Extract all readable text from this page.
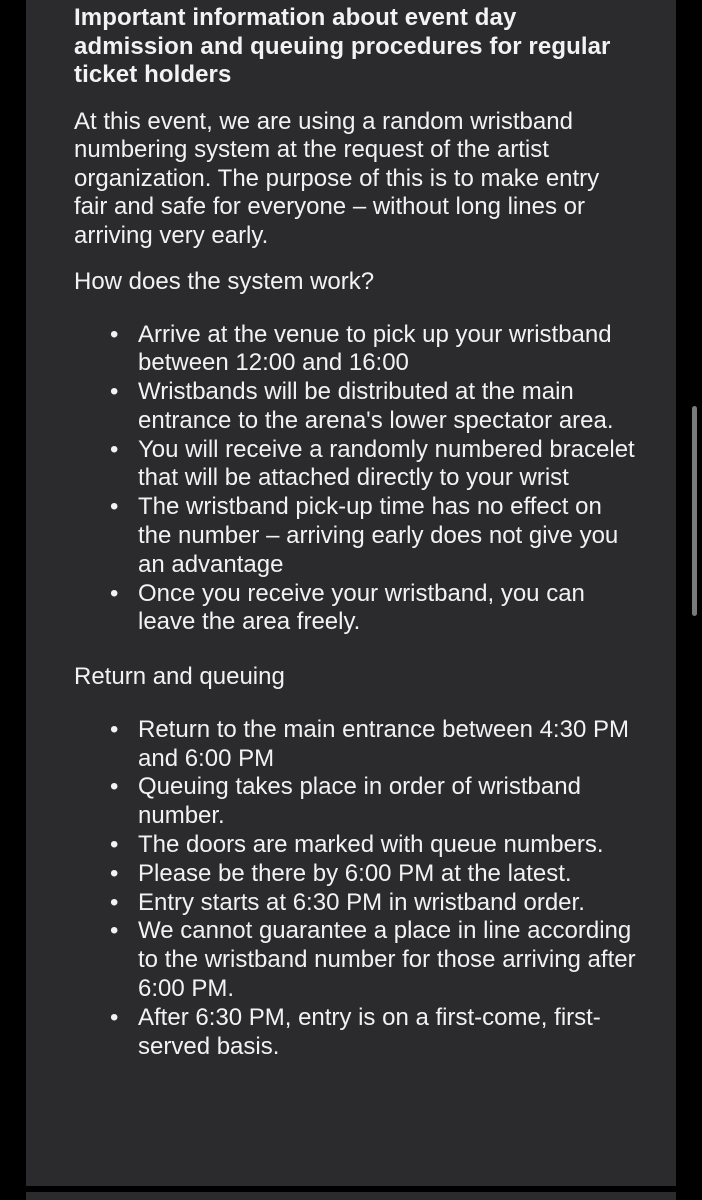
Important information about event day admission and queuing procedures for regular ticket holders
At this event, we are using a random wristband numbering system at the request of the artist organization. The purpose of this is to make entry fair and safe for everyone – without long lines or arriving very early.
How does the system work?
• Arrive at the venue to pick up your wristband between 12:00 and 16:00
• Wristbands will be distributed at the main entrance to the arena's lower spectator area.
• You will receive a randomly numbered bracelet that will be attached directly to your wrist
• The wristband pick-up time has no effect on the number – arriving early does not give you an advantage
• Once you receive your wristband, you can leave the area freely.
Return and queuing
• Return to the main entrance between 4:30 PM and 6:00 PM
• Queuing takes place in order of wristband number.
• The doors are marked with queue numbers.
• Please be there by 6:00 PM at the latest.
• Entry starts at 6:30 PM in wristband order.
• We cannot guarantee a place in line according to the wristband number for those arriving after 6:00 PM.
• After 6:30 PM, entry is on a first-come, first-served basis.
